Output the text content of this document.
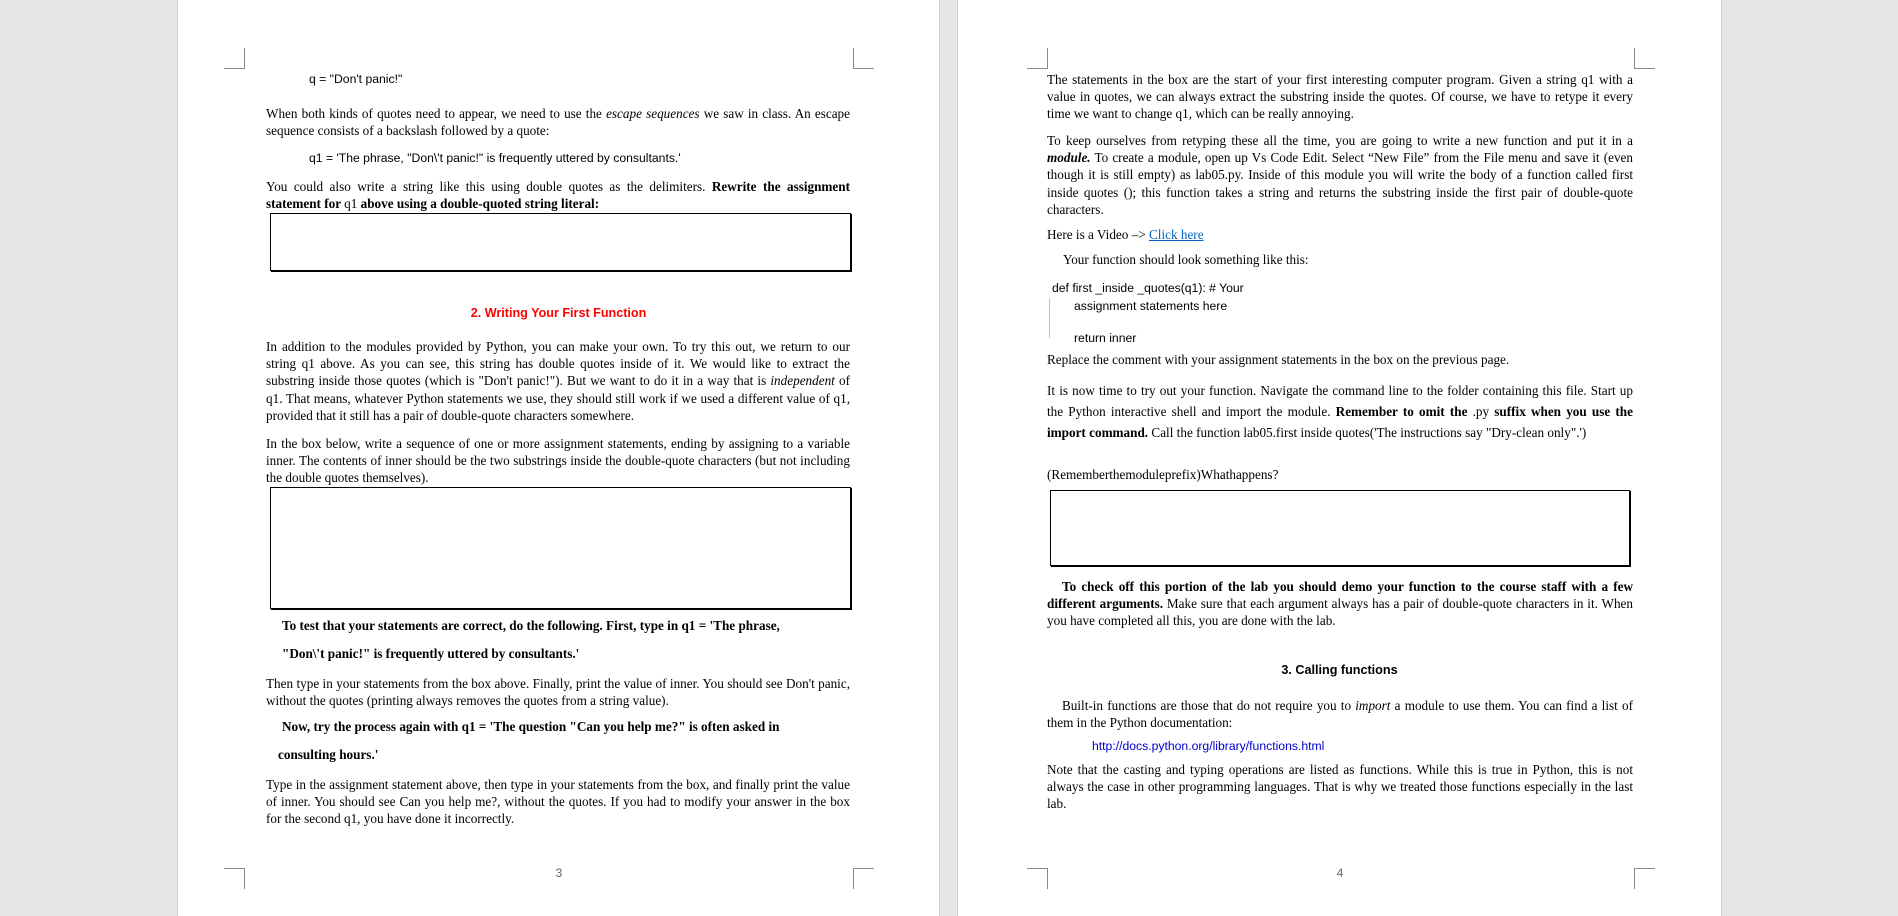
q = "Don't panic!"
When both kinds of quotes need to appear, we need to use the escape sequences we saw in class. An escape sequence consists of a backslash followed by a quote:
q1 = 'The phrase, "Don\'t panic!" is frequently uttered by consultants.'
You could also write a string like this using double quotes as the delimiters. Rewrite the assignment statement for q1 above using a double-quoted string literal:
2. Writing Your First Function
In addition to the modules provided by Python, you can make your own. To try this out, we return to our string q1 above. As you can see, this string has double quotes inside of it. We would like to extract the substring inside those quotes (which is "Don't panic!"). But we want to do it in a way that is independent of q1. That means, whatever Python statements we use, they should still work if we used a different value of q1, provided that it still has a pair of double-quote characters somewhere.
In the box below, write a sequence of one or more assignment statements, ending by assigning to a variable inner. The contents of inner should be the two substrings inside the double-quote characters (but not including the double quotes themselves).
To test that your statements are correct, do the following. First, type in q1 = 'The phrase,
"Don\'t panic!" is frequently uttered by consultants.'
Then type in your statements from the box above. Finally, print the value of inner. You should see Don't panic, without the quotes (printing always removes the quotes from a string value).
Now, try the process again with q1 = 'The question "Can you help me?" is often asked in
consulting hours.'
Type in the assignment statement above, then type in your statements from the box, and finally print the value of inner. You should see Can you help me?, without the quotes. If you had to modify your answer in the box for the second q1, you have done it incorrectly.
3
The statements in the box are the start of your first interesting computer program. Given a string q1 with a value in quotes, we can always extract the substring inside the quotes. Of course, we have to retype it every time we want to change q1, which can be really annoying.
To keep ourselves from retyping these all the time, you are going to write a new function and put it in a module. To create a module, open up Vs Code Edit. Select “New File” from the File menu and save it (even though it is still empty) as lab05.py. Inside of this module you will write the body of a function called first inside quotes (); this function takes a string and returns the substring inside the first pair of double-quote characters.
Here is a Video –> Click here
Your function should look something like this:
def first _inside _quotes(q1): # Your
assignment statements here
return inner
Replace the comment with your assignment statements in the box on the previous page.
It is now time to try out your function. Navigate the command line to the folder containing this file. Start up the Python interactive shell and import the module. Remember to omit the .py suffix when you use the import command. Call the function lab05.first inside quotes('The instructions say "Dry-clean only".')
(Rememberthemoduleprefix)Whathappens?
To check off this portion of the lab you should demo your function to the course staff with a few different arguments. Make sure that each argument always has a pair of double-quote characters in it. When you have completed all this, you are done with the lab.
3. Calling functions
Built-in functions are those that do not require you to import a module to use them. You can find a list of them in the Python documentation:
http://docs.python.org/library/functions.html
Note that the casting and typing operations are listed as functions. While this is true in Python, this is not always the case in other programming languages. That is why we treated those functions especially in the last lab.
4
